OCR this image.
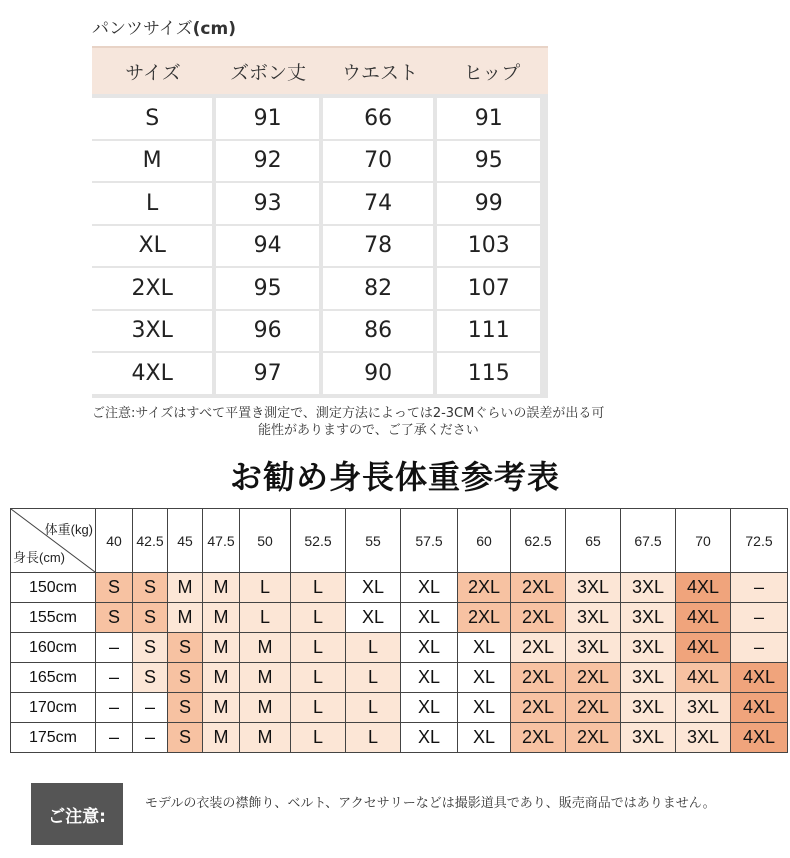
パンツサイズ(cm)
サイズ	ズボン丈	ウエスト	ヒップ
S	91	66	91
M	92	70	95
L	93	74	99
XL	94	78	103
2XL	95	82	107
3XL	96	86	111
4XL	97	90	115
ご注意:サイズはすべて平置き測定で、測定方法によっては2-3CMぐらいの誤差が出る可
能性がありますので、ご了承ください
お勧め身長体重参考表
体重(kg)
身長(cm)	40	42.5	45	47.5	50	52.5	55	57.5	60	62.5	65	67.5	70	72.5
150cm	S	S	M	M	L	L	XL	XL	2XL	2XL	3XL	3XL	4XL	–
155cm	S	S	M	M	L	L	XL	XL	2XL	2XL	3XL	3XL	4XL	–
160cm	–	S	S	M	M	L	L	XL	XL	2XL	3XL	3XL	4XL	–
165cm	–	S	S	M	M	L	L	XL	XL	2XL	2XL	3XL	4XL	4XL
170cm	–	–	S	M	M	L	L	XL	XL	2XL	2XL	3XL	3XL	4XL
175cm	–	–	S	M	M	L	L	XL	XL	2XL	2XL	3XL	3XL	4XL
ご注意:
モデルの衣装の襟飾り、ベルト、アクセサリーなどは撮影道具であり、販売商品ではありません。
